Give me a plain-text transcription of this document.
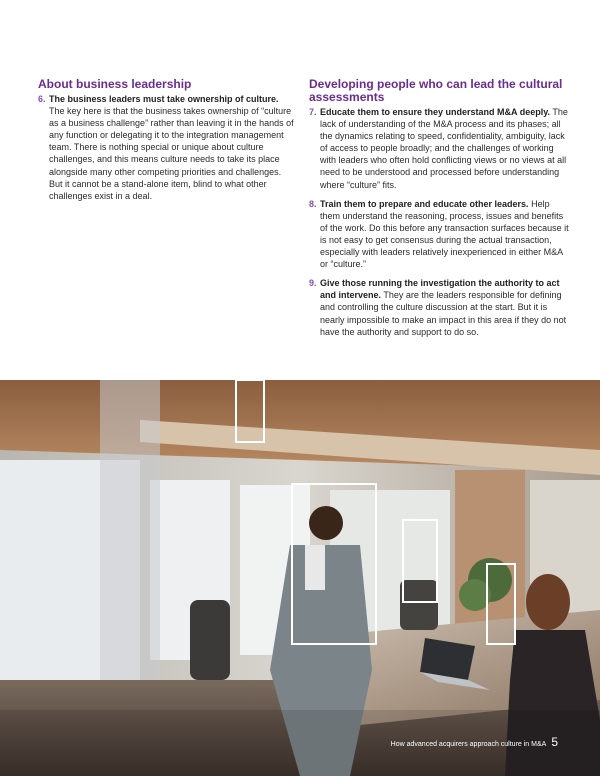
About business leadership
6. The business leaders must take ownership of culture. The key here is that the business takes ownership of “culture as a business challenge” rather than leaving it in the hands of any function or delegating it to the integration management team. There is nothing special or unique about culture challenges, and this means culture needs to take its place alongside many other competing priorities and challenges. But it cannot be a stand-alone item, blind to what other challenges exist in a deal.
Developing people who can lead the cultural assessments
7. Educate them to ensure they understand M&A deeply. The lack of understanding of the M&A process and its phases; all the dynamics relating to speed, confidentiality, ambiguity, lack of access to people broadly; and the challenges of working with leaders who often hold conflicting views or no views at all need to be understood and processed before understanding where “culture” fits.
8. Train them to prepare and educate other leaders. Help them understand the reasoning, process, issues and benefits of the work. Do this before any transaction surfaces because it is not easy to get consensus during the actual transaction, especially with leaders relatively inexperienced in either M&A or “culture.”
9. Give those running the investigation the authority to act and intervene. They are the leaders responsible for defining and controlling the culture discussion at the start. But it is nearly impossible to make an impact in this area if they do not have the authority and support to do so.
How advanced acquirers approach culture in M&A 5
